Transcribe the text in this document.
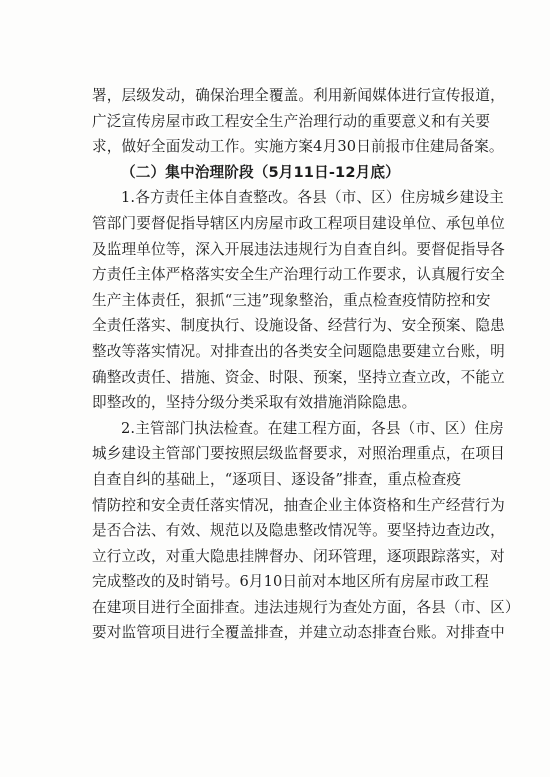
署，层级发动，确保治理全覆盖。利用新闻媒体进行宣传报道，
广泛宣传房屋市政工程安全生产治理行动的重要意义和有关要
求，做好全面发动工作。实施方案4月30日前报市住建局备案。
（二）集中治理阶段（5月11日-12月底）
1.各方责任主体自查整改。各县（市、区）住房城乡建设主
管部门要督促指导辖区内房屋市政工程项目建设单位、承包单位
及监理单位等，深入开展违法违规行为自查自纠。要督促指导各
方责任主体严格落实安全生产治理行动工作要求，认真履行安全
生产主体责任，狠抓“三违”现象整治，重点检查疫情防控和安
全责任落实、制度执行、设施设备、经营行为、安全预案、隐患
整改等落实情况。对排查出的各类安全问题隐患要建立台账，明
确整改责任、措施、资金、时限、预案，坚持立查立改，不能立
即整改的，坚持分级分类采取有效措施消除隐患。
2.主管部门执法检查。在建工程方面，各县（市、区）住房
城乡建设主管部门要按照层级监督要求，对照治理重点，在项目
自查自纠的基础上，“逐项目、逐设备”排查，重点检查疫
情防控和安全责任落实情况，抽查企业主体资格和生产经营行为
是否合法、有效、规范以及隐患整改情况等。要坚持边查边改，
立行立改，对重大隐患挂牌督办、闭环管理，逐项跟踪落实，对
完成整改的及时销号。6月10日前对本地区所有房屋市政工程
在建项目进行全面排查。违法违规行为查处方面，各县（市、区）
要对监管项目进行全覆盖排查，并建立动态排查台账。对排查中
